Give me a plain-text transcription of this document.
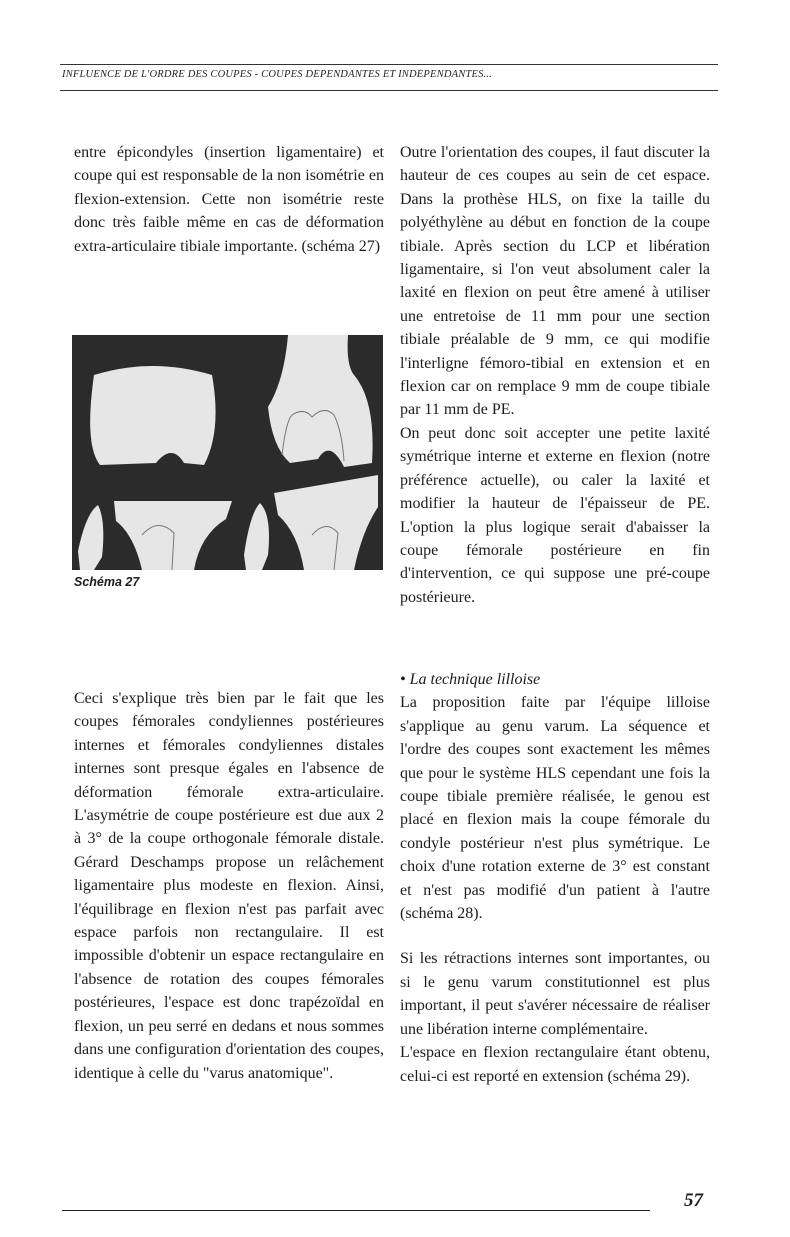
INFLUENCE DE L'ORDRE DES COUPES - COUPES DÉPENDANTES ET INDÉPENDANTES...

entre épicondyles (insertion ligamentaire) et coupe qui est responsable de la non isométrie en flexion-extension. Cette non isométrie reste donc très faible même en cas de déformation extra-articulaire tibiale importante. (schéma 27)

Schéma 27

Ceci s'explique très bien par le fait que les coupes fémorales condyliennes postérieures internes et fémorales condyliennes distales internes sont presque égales en l'absence de déformation fémorale extra-articulaire. L'asymétrie de coupe postérieure est due aux 2 à 3° de la coupe orthogonale fémorale distale. Gérard Deschamps propose un relâchement ligamentaire plus modeste en flexion. Ainsi, l'équilibrage en flexion n'est pas parfait avec espace parfois non rectangulaire. Il est impossible d'obtenir un espace rectangulaire en l'absence de rotation des coupes fémorales postérieures, l'espace est donc trapézoïdal en flexion, un peu serré en dedans et nous sommes dans une configuration d'orientation des coupes, identique à celle du "varus anatomique".

Outre l'orientation des coupes, il faut discuter la hauteur de ces coupes au sein de cet espace. Dans la prothèse HLS, on fixe la taille du polyéthylène au début en fonction de la coupe tibiale. Après section du LCP et libération ligamentaire, si l'on veut absolument caler la laxité en flexion on peut être amené à utiliser une entretoise de 11 mm pour une section tibiale préalable de 9 mm, ce qui modifie l'interligne fémoro-tibial en extension et en flexion car on remplace 9 mm de coupe tibiale par 11 mm de PE.

On peut donc soit accepter une petite laxité symétrique interne et externe en flexion (notre préférence actuelle), ou caler la laxité et modifier la hauteur de l'épaisseur de PE. L'option la plus logique serait d'abaisser la coupe fémorale postérieure en fin d'intervention, ce qui suppose une pré-coupe postérieure.

• La technique lilloise

La proposition faite par l'équipe lilloise s'applique au genu varum. La séquence et l'ordre des coupes sont exactement les mêmes que pour le système HLS cependant une fois la coupe tibiale première réalisée, le genou est placé en flexion mais la coupe fémorale du condyle postérieur n'est plus symétrique. Le choix d'une rotation externe de 3° est constant et n'est pas modifié d'un patient à l'autre (schéma 28).

Si les rétractions internes sont importantes, ou si le genu varum constitutionnel est plus important, il peut s'avérer nécessaire de réaliser une libération interne complémentaire.

L'espace en flexion rectangulaire étant obtenu, celui-ci est reporté en extension (schéma 29).

57
